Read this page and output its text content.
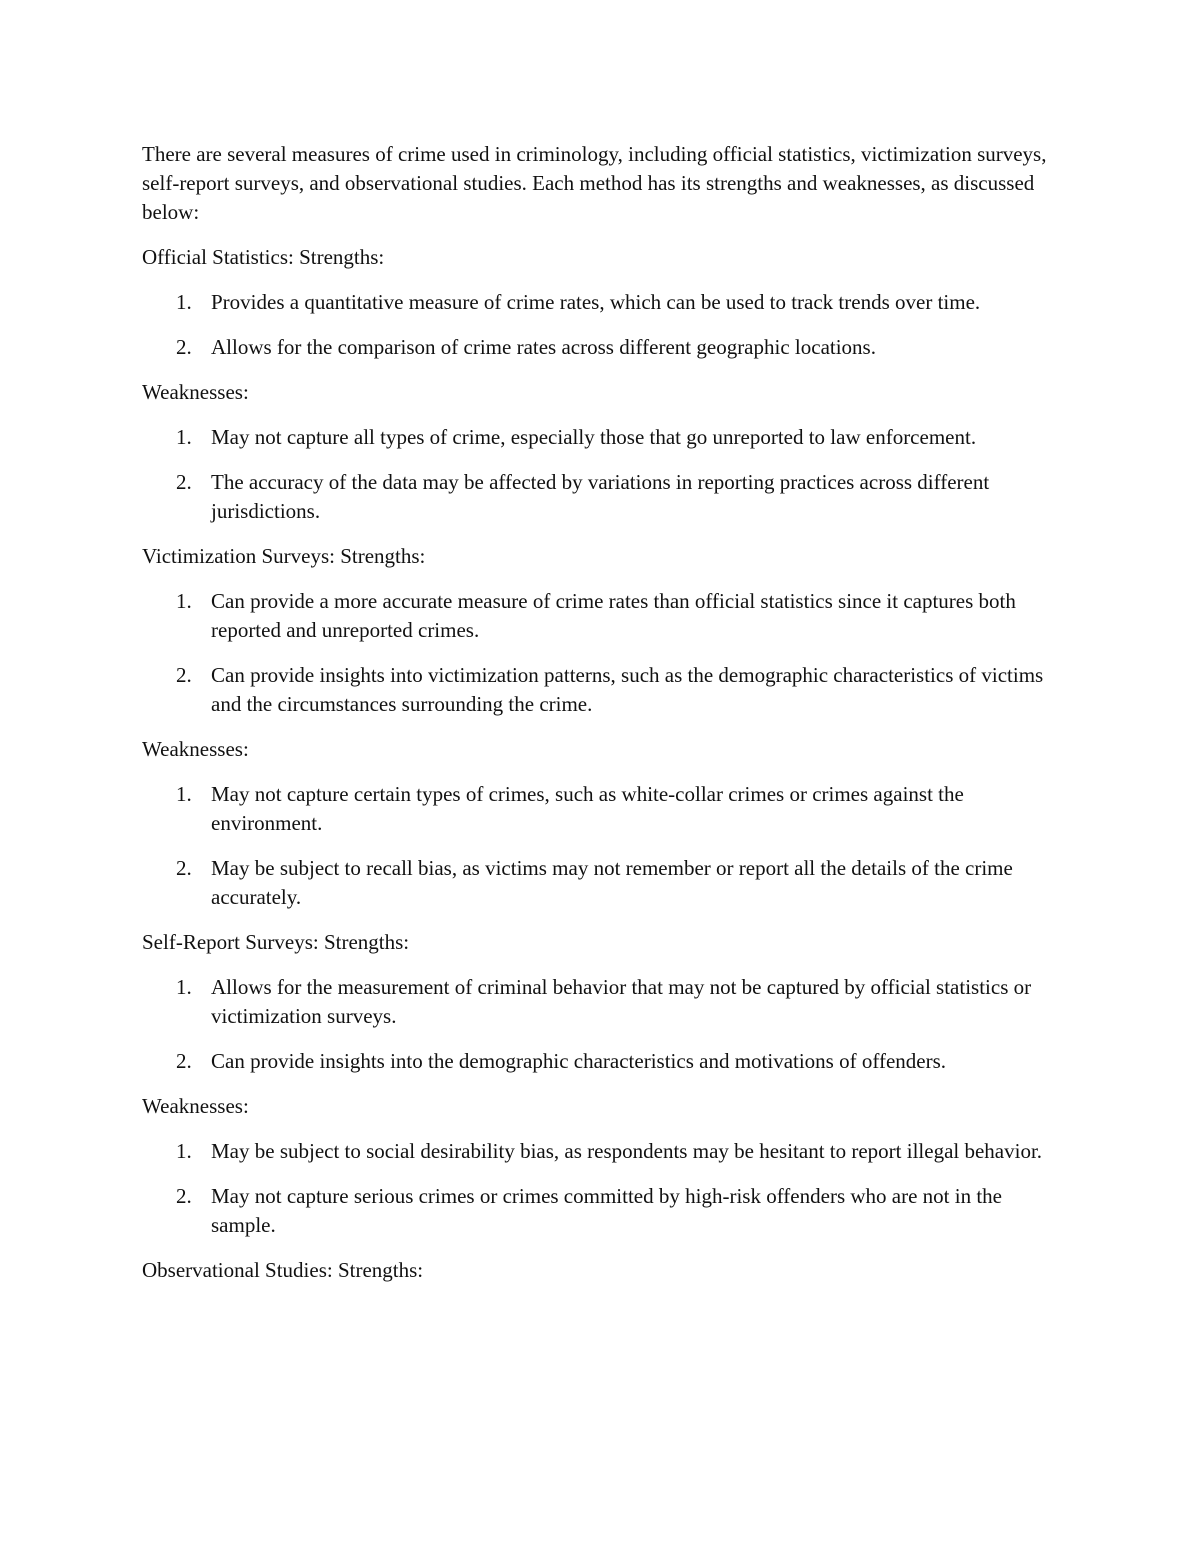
There are several measures of crime used in criminology, including official statistics, victimization surveys, self-report surveys, and observational studies. Each method has its strengths and weaknesses, as discussed below:

Official Statistics: Strengths:

1. Provides a quantitative measure of crime rates, which can be used to track trends over time.
2. Allows for the comparison of crime rates across different geographic locations.

Weaknesses:

1. May not capture all types of crime, especially those that go unreported to law enforcement.
2. The accuracy of the data may be affected by variations in reporting practices across different jurisdictions.

Victimization Surveys: Strengths:

1. Can provide a more accurate measure of crime rates than official statistics since it captures both reported and unreported crimes.
2. Can provide insights into victimization patterns, such as the demographic characteristics of victims and the circumstances surrounding the crime.

Weaknesses:

1. May not capture certain types of crimes, such as white-collar crimes or crimes against the environment.
2. May be subject to recall bias, as victims may not remember or report all the details of the crime accurately.

Self-Report Surveys: Strengths:

1. Allows for the measurement of criminal behavior that may not be captured by official statistics or victimization surveys.
2. Can provide insights into the demographic characteristics and motivations of offenders.

Weaknesses:

1. May be subject to social desirability bias, as respondents may be hesitant to report illegal behavior.
2. May not capture serious crimes or crimes committed by high-risk offenders who are not in the sample.

Observational Studies: Strengths:
